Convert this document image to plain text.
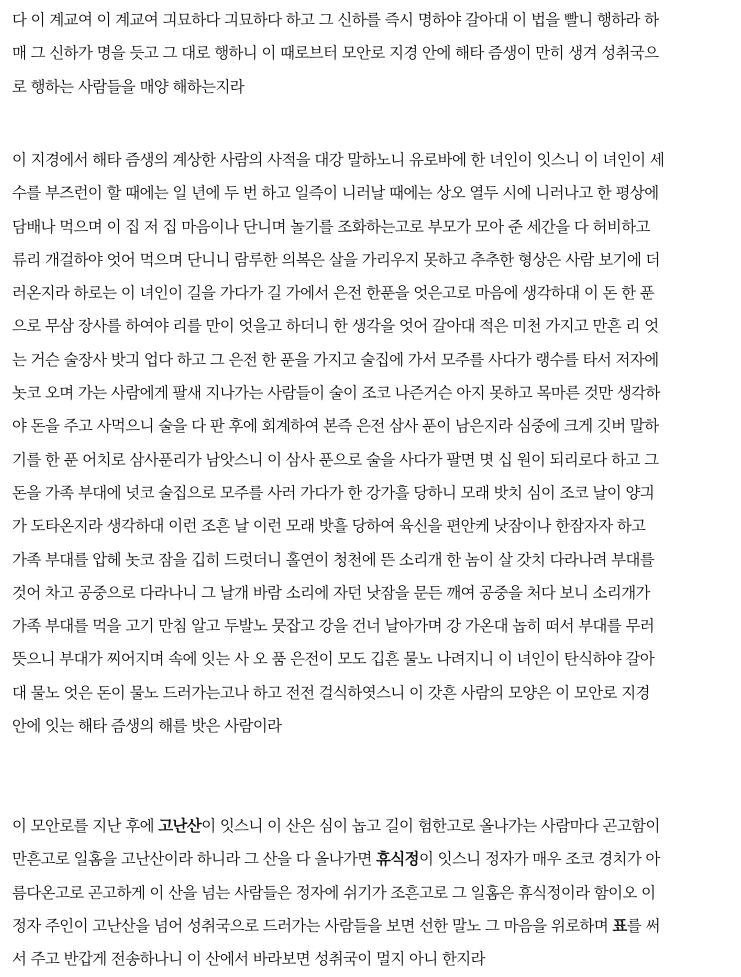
다 이 계교여 이 계교여 긔묘하다 긔묘하다 하고 그 신하를 즉시 명하야 갈아대 이 법을 빨니 행하라 하
매 그 신하가 명을 듯고 그 대로 행하니 이 때로브터 모안로 지경 안에 해타 즘생이 만히 생겨 성취국으
로 행하는 사람들을 매양 해하는지라
이 지경에서 해타 즘생의 계상한 사람의 사적을 대강 말하노니 유로바에 한 녀인이 잇스니 이 녀인이 세
수를 부즈런이 할 때에는 일 년에 두 번 하고 일즉이 니러날 때에는 상오 열두 시에 니러나고 한 평상에
담배나 먹으며 이 집 저 집 마음이나 단니며 놀기를 조화하는고로 부모가 모아 준 세간을 다 허비하고
류리 개걸하야 엇어 먹으며 단니니 람루한 의복은 살을 가리우지 못하고 추추한 형상은 사람 보기에 더
러온지라 하로는 이 녀인이 길을 가다가 길 가에서 은전 한푼을 엇은고로 마음에 생각하대 이 돈 한 푼
으로 무삼 장사를 하여야 리를 만이 엇을고 하더니 한 생각을 엇어 갈아대 적은 미천 가지고 만흔 리 엇
는 거슨 술장사 밧긔 업다 하고 그 은전 한 푼을 가지고 술집에 가서 모주를 사다가 랭수를 타서 저자에
놋코 오며 가는 사람에게 팔새 지나가는 사람들이 술이 조코 나즌거슨 아지 못하고 목마른 것만 생각하
야 돈을 주고 사먹으니 술을 다 판 후에 회계하여 본즉 은전 삼사 푼이 남은지라 심중에 크게 깃버 말하
기를 한 푼 어치로 삼사푼리가 남앗스니 이 삼사 푼으로 술을 사다가 팔면 몃 십 원이 되리로다 하고 그
돈을 가족 부대에 넛코 술집으로 모주를 사러 가다가 한 강가흘 당하니 모래 밧치 심이 조코 날이 양긔
가 도타온지라 생각하대 이런 조흔 날 이런 모래 밧흘 당하여 육신을 편안케 낫잠이나 한잠자자 하고
가족 부대를 압헤 놋코 잠을 깁히 드럿더니 홀연이 청천에 뜬 소리개 한 놈이 살 갓치 다라나려 부대를
것어 차고 공중으로 다라나니 그 날개 바람 소리에 자던 낫잠을 문든 깨여 공중을 처다 보니 소리개가
가족 부대를 먹을 고기 만침 알고 두발노 뭇잡고 강을 건너 날아가며 강 가온대 놉히 떠서 부대를 무러
뜻으니 부대가 찌어지며 속에 잇는 사 오 품 은전이 모도 깁흔 물노 나려지니 이 녀인이 탄식하야 갈아
대 물노 엇은 돈이 물노 드러가는고나 하고 전전 걸식하엿스니 이 갓흔 사람의 모양은 이 모안로 지경
안에 잇는 해타 즘생의 해를 밧은 사람이라
이 모안로를 지난 후에 고난산이 잇스니 이 산은 심이 놉고 길이 험한고로 올나가는 사람마다 곤고함이
만흔고로 일홈을 고난산이라 하니라 그 산을 다 올나가면 휴식정이 잇스니 정자가 매우 조코 경치가 아
름다온고로 곤고하게 이 산을 넘는 사람들은 정자에 쉬기가 조흔고로 그 일홈은 휴식정이라 함이오 이
정자 주인이 고난산을 넘어 성취국으로 드러가는 사람들을 보면 선한 말노 그 마음을 위로하며 표를 써
서 주고 반갑게 전송하나니 이 산에서 바라보면 성취국이 멀지 아니 한지라
